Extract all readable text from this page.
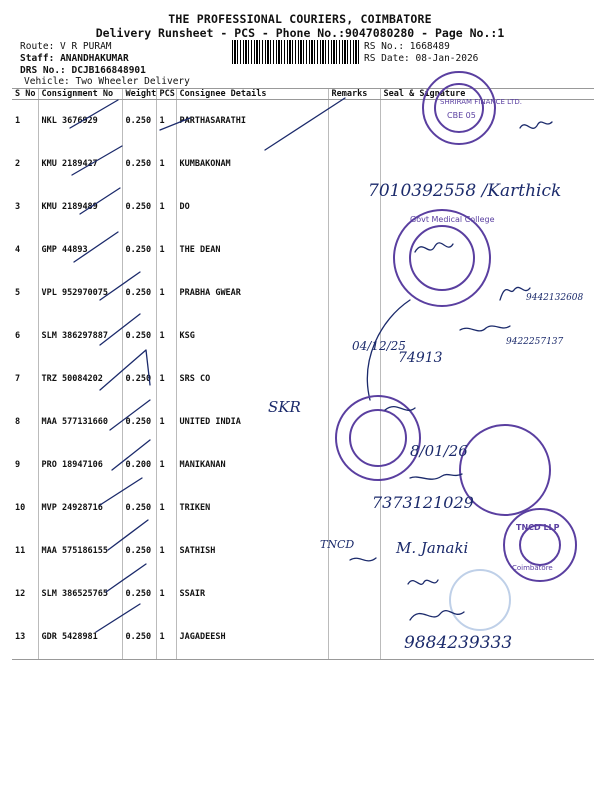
THE PROFESSIONAL COURIERS, COIMBATORE
Delivery Runsheet - PCS - Phone No.:9047080280 - Page No.:1
Route: V R PURAM
Staff: ANANDHAKUMAR
DRS No.: DCJB166848901
Vehicle: Two Wheeler Delivery
RS No.: 1668489
RS Date: 08-Jan-2026
S No	Consignment No	Weight	PCS	Consignee Details	Remarks	Seal & Signature
1	NKL 3676929	0.250	1	PARTHASARATHI		
2	KMU 2189427	0.250	1	KUMBAKONAM		
3	KMU 2189489	0.250	1	DO		
4	GMP 44893	0.250	1	THE DEAN		
5	VPL 952970075	0.250	1	PRABHA GWEAR		
6	SLM 386297887	0.250	1	KSG		
7	TRZ 50084202	0.250	1	SRS CO		
8	MAA 577131660	0.250	1	UNITED INDIA		
9	PRO 18947106	0.200	1	MANIKANAN		
10	MVP 24928716	0.250	1	TRIKEN		
11	MAA 575186155	0.250	1	SATHISH		
12	SLM 386525765	0.250	1	SSAIR		
13	GDR 5428981	0.250	1	JAGADEESH		
SHRIRAM FINANCE LTD.
CBE 05
Govt Medical College
TNCD LLP
Coimbatore
7010392558 /Karthick
SKR
04/12/25
74913
8/01/26
7373121029
TNCD	M. Janaki
9884239333
9442132608
9422257137
